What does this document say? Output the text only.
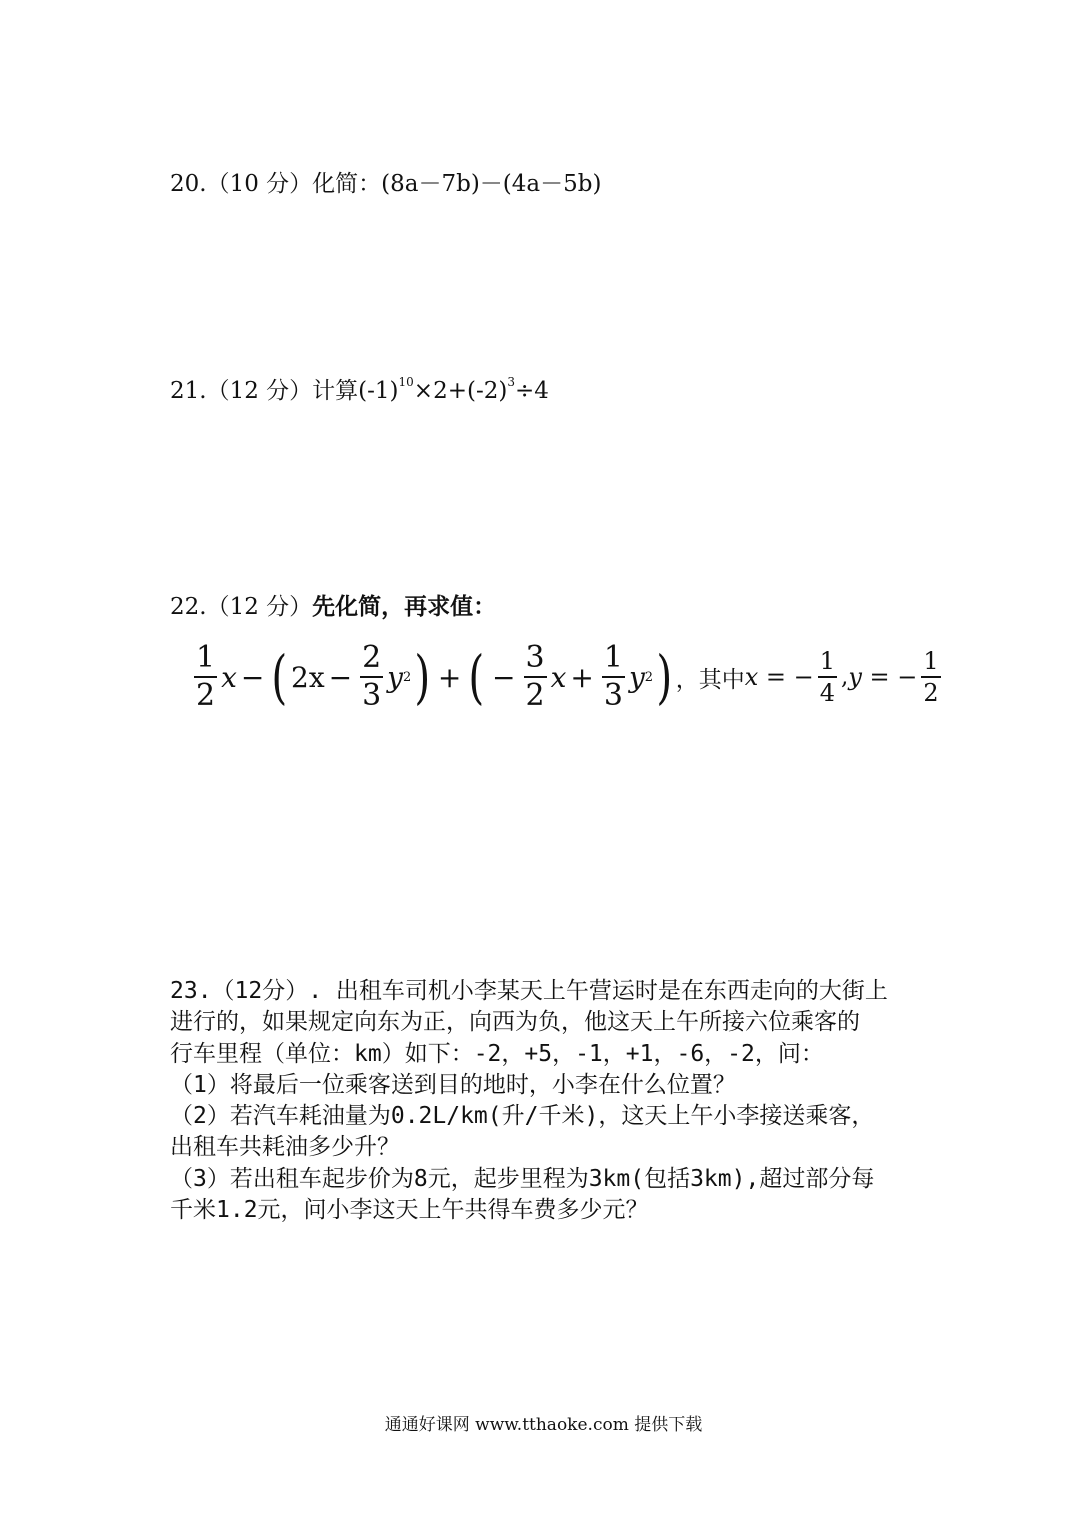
20.（10 分）化简：(8a－7b)－(4a－5b)
21.（12 分）计算$(-1)^{10}\times 2+(-2)^3\div 4$
22.（12 分）先化简，再求值：
$\frac{1}{2}$ x − ( $2x - \frac{2}{3}$ y 2 ) + ( − $\frac{3}{2}$ $x + \frac{1}{3}$ y 2 ) ，其中 x = − $\frac{1}{4}$ , y = − $\frac{1}{2}$
23.（12分）. 出租车司机小李某天上午营运时是在东西走向的大街上
进行的，如果规定向东为正，向西为负，他这天上午所接六位乘客的
行车里程（单位：km）如下：-2，+5，-1，+1，-6，-2，问：
（1）将最后一位乘客送到目的地时，小李在什么位置？
（2）若汽车耗油量为0.2L/km(升/千米)，这天上午小李接送乘客，
出租车共耗油多少升？
（3）若出租车起步价为8元，起步里程为3km(包括3km),超过部分每
千米1.2元，问小李这天上午共得车费多少元？
通通好课网 www.tthaoke.com 提供下载
